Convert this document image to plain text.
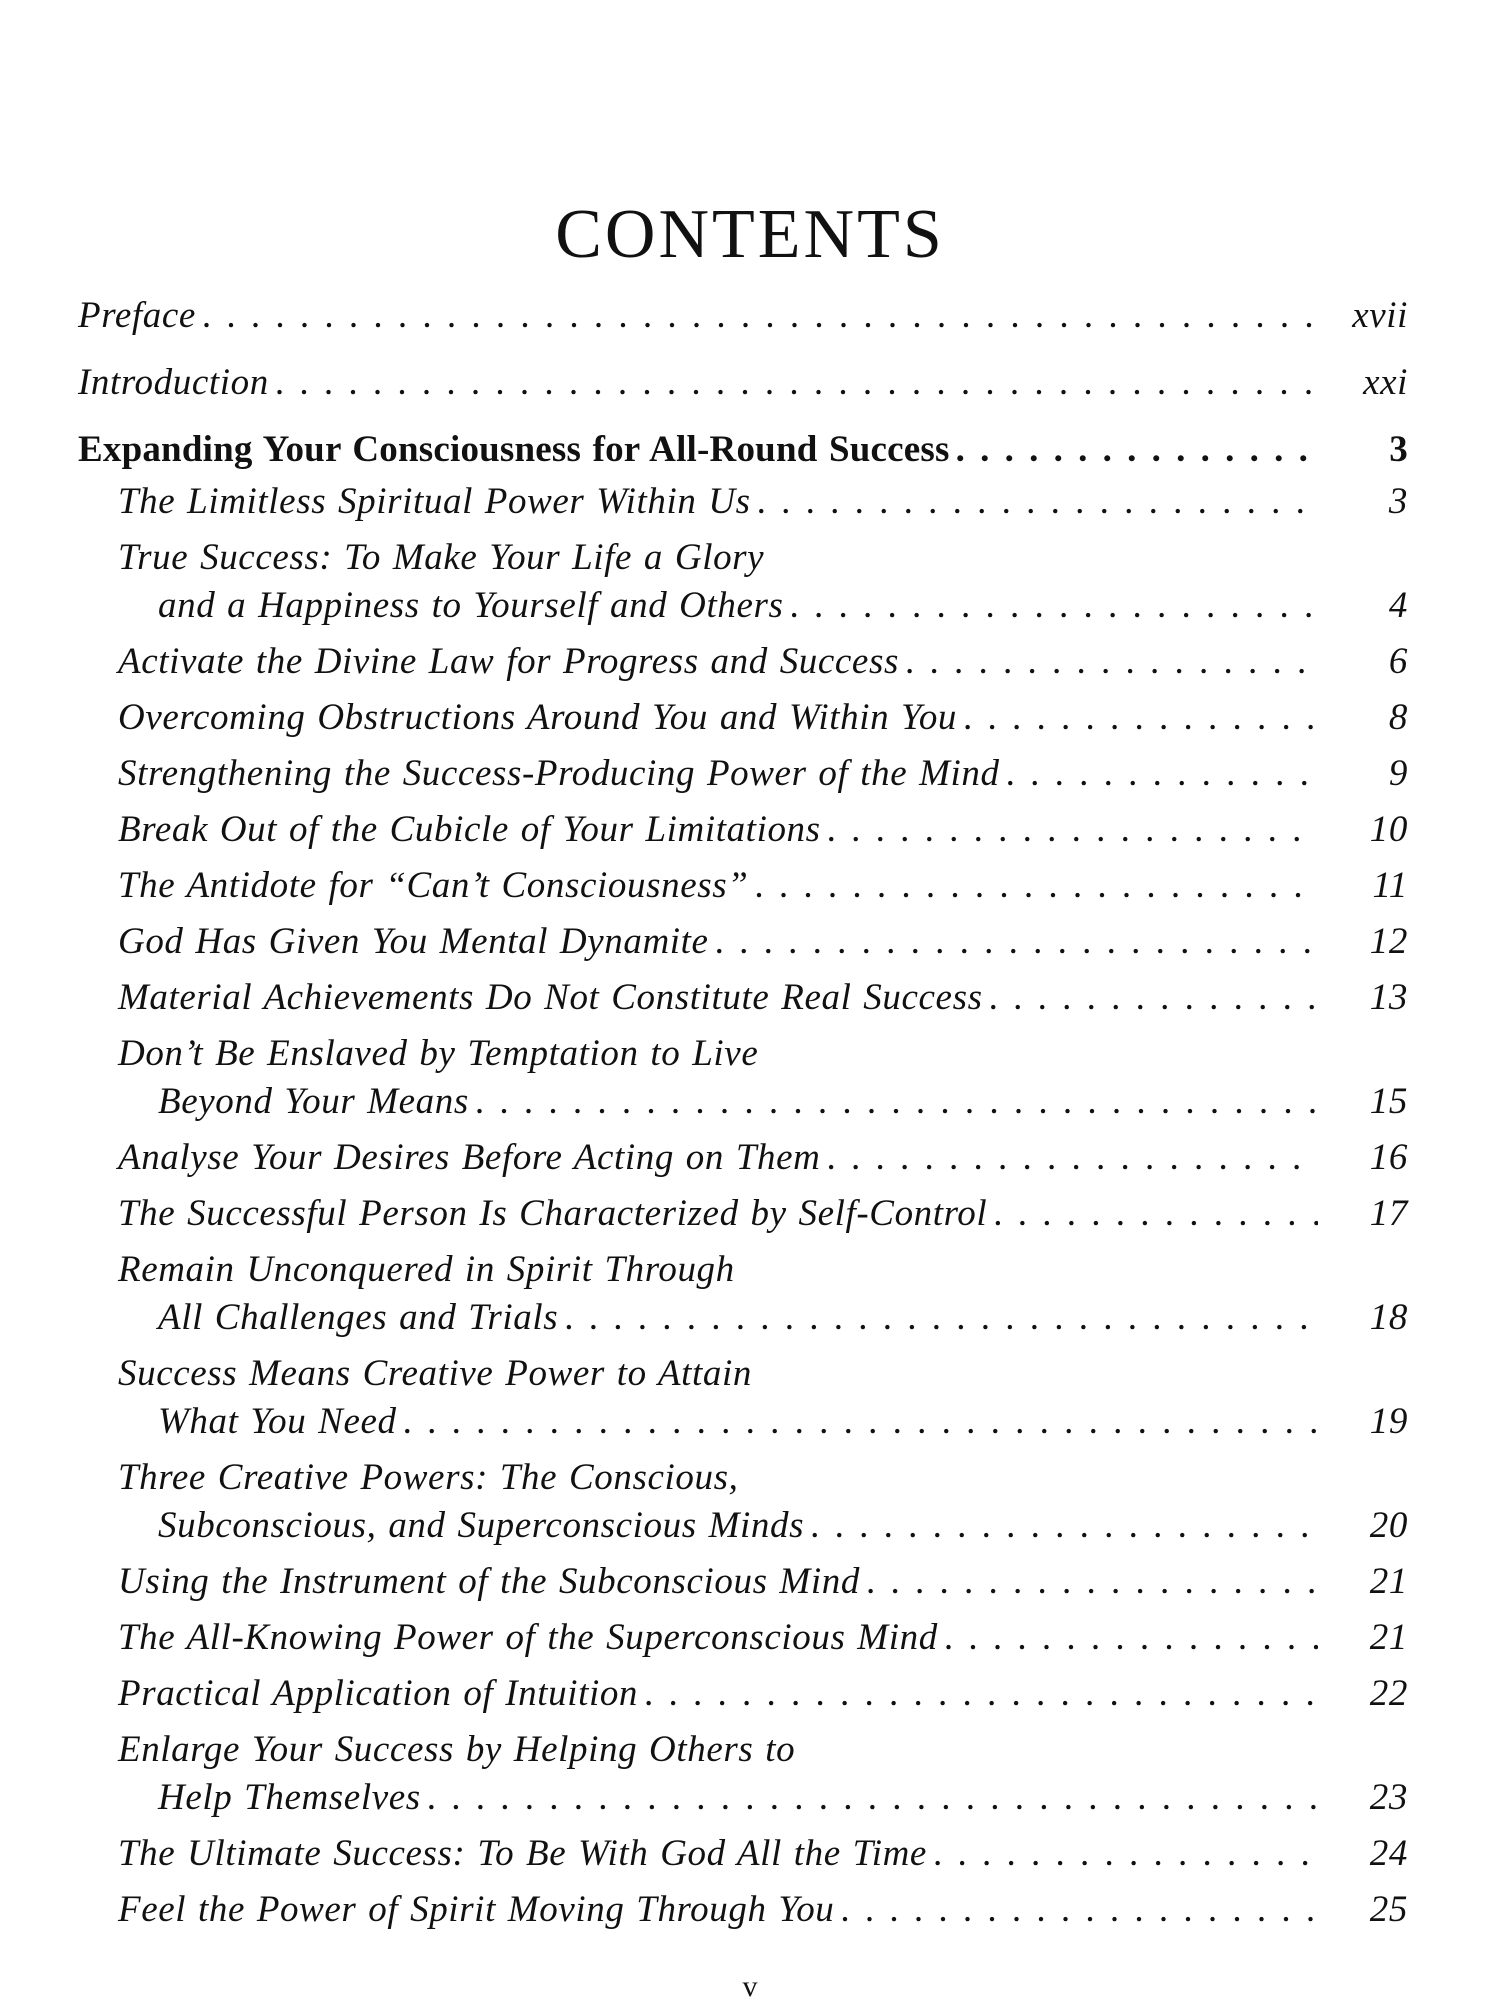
CONTENTS
Preface . . .	xvii
Introduction . . .	xxi
Expanding Your Consciousness for All-Round Success . . .	3
The Limitless Spiritual Power Within Us . . .	3
True Success: To Make Your Life a Glory
and a Happiness to Yourself and Others . . .	4
Activate the Divine Law for Progress and Success . . .	6
Overcoming Obstructions Around You and Within You . . .	8
Strengthening the Success-Producing Power of the Mind . . .	9
Break Out of the Cubicle of Your Limitations . . .	10
The Antidote for “Can’t Consciousness” . . .	11
God Has Given You Mental Dynamite . . .	12
Material Achievements Do Not Constitute Real Success . . .	13
Don’t Be Enslaved by Temptation to Live
Beyond Your Means . . .	15
Analyse Your Desires Before Acting on Them . . .	16
The Successful Person Is Characterized by Self-Control . . .	17
Remain Unconquered in Spirit Through
All Challenges and Trials . . .	18
Success Means Creative Power to Attain
What You Need . . .	19
Three Creative Powers: The Conscious,
Subconscious, and Superconscious Minds . . .	20
Using the Instrument of the Subconscious Mind . . .	21
The All-Knowing Power of the Superconscious Mind . . .	21
Practical Application of Intuition . . .	22
Enlarge Your Success by Helping Others to
Help Themselves . . .	23
The Ultimate Success: To Be With God All the Time . . .	24
Feel the Power of Spirit Moving Through You . . .	25
v
